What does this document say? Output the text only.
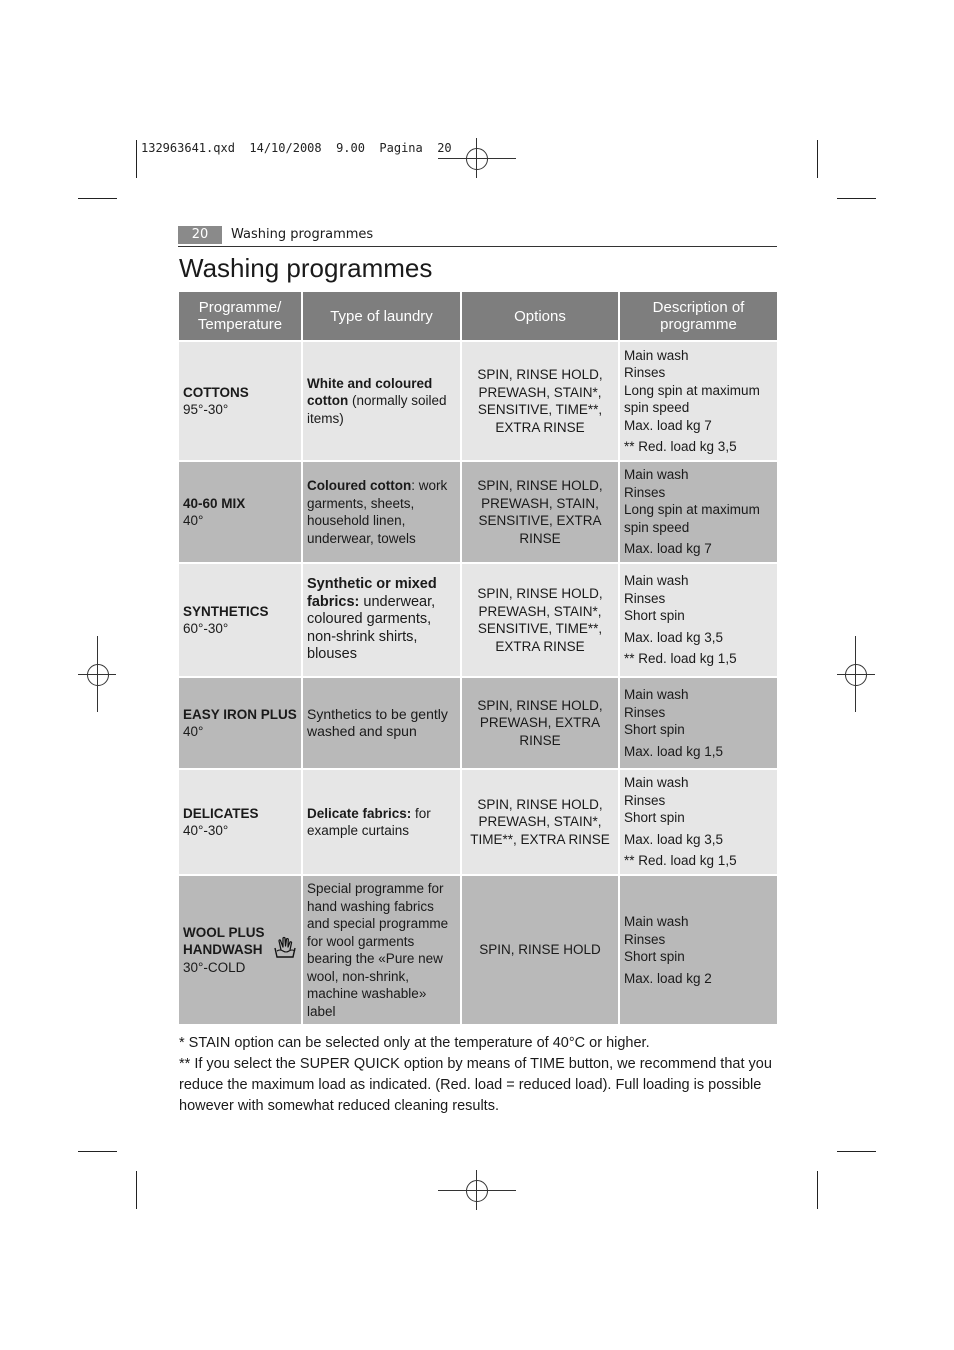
132963641.qxd  14/10/2008  9.00  Pagina  20
20	Washing programmes
Washing programmes
Programme/ Temperature	Type of laundry	Options	Description of programme

COTTONS
95°-30°	White and coloured cotton (normally soiled items)	SPIN, RINSE HOLD, PREWASH, STAIN*, SENSITIVE, TIME**, EXTRA RINSE	Main wash
Rinses
Long spin at maximum spin speed
Max. load kg 7
** Red. load kg 3,5

40-60 MIX
40°	Coloured cotton: work garments, sheets, household linen, underwear, towels	SPIN, RINSE HOLD, PREWASH, STAIN, SENSITIVE, EXTRA RINSE	Main wash
Rinses
Long spin at maximum spin speed
Max. load kg 7

SYNTHETICS
60°-30°	Synthetic or mixed fabrics: underwear, coloured garments, non-shrink shirts, blouses	SPIN, RINSE HOLD, PREWASH, STAIN*, SENSITIVE, TIME**, EXTRA RINSE	Main wash
Rinses
Short spin
Max. load kg 3,5
** Red. load kg 1,5

EASY IRON PLUS
40°	Synthetics to be gently washed and spun	SPIN, RINSE HOLD, PREWASH, EXTRA RINSE	Main wash
Rinses
Short spin
Max. load kg 1,5

DELICATES
40°-30°	Delicate fabrics: for example curtains	SPIN, RINSE HOLD, PREWASH, STAIN*, TIME**, EXTRA RINSE	Main wash
Rinses
Short spin
Max. load kg 3,5
** Red. load kg 1,5

WOOL PLUS HANDWASH
30°-COLD	Special programme for hand washing fabrics and special programme for wool garments bearing the «Pure new wool, non-shrink, machine washable» label	SPIN, RINSE HOLD	Main wash
Rinses
Short spin
Max. load kg 2

* STAIN option can be selected only at the temperature of 40°C or higher.

** If you select the SUPER QUICK option by means of TIME button, we recommend that you reduce the maximum load as indicated. (Red. load = reduced load). Full loading is possible however with somewhat reduced cleaning results.
